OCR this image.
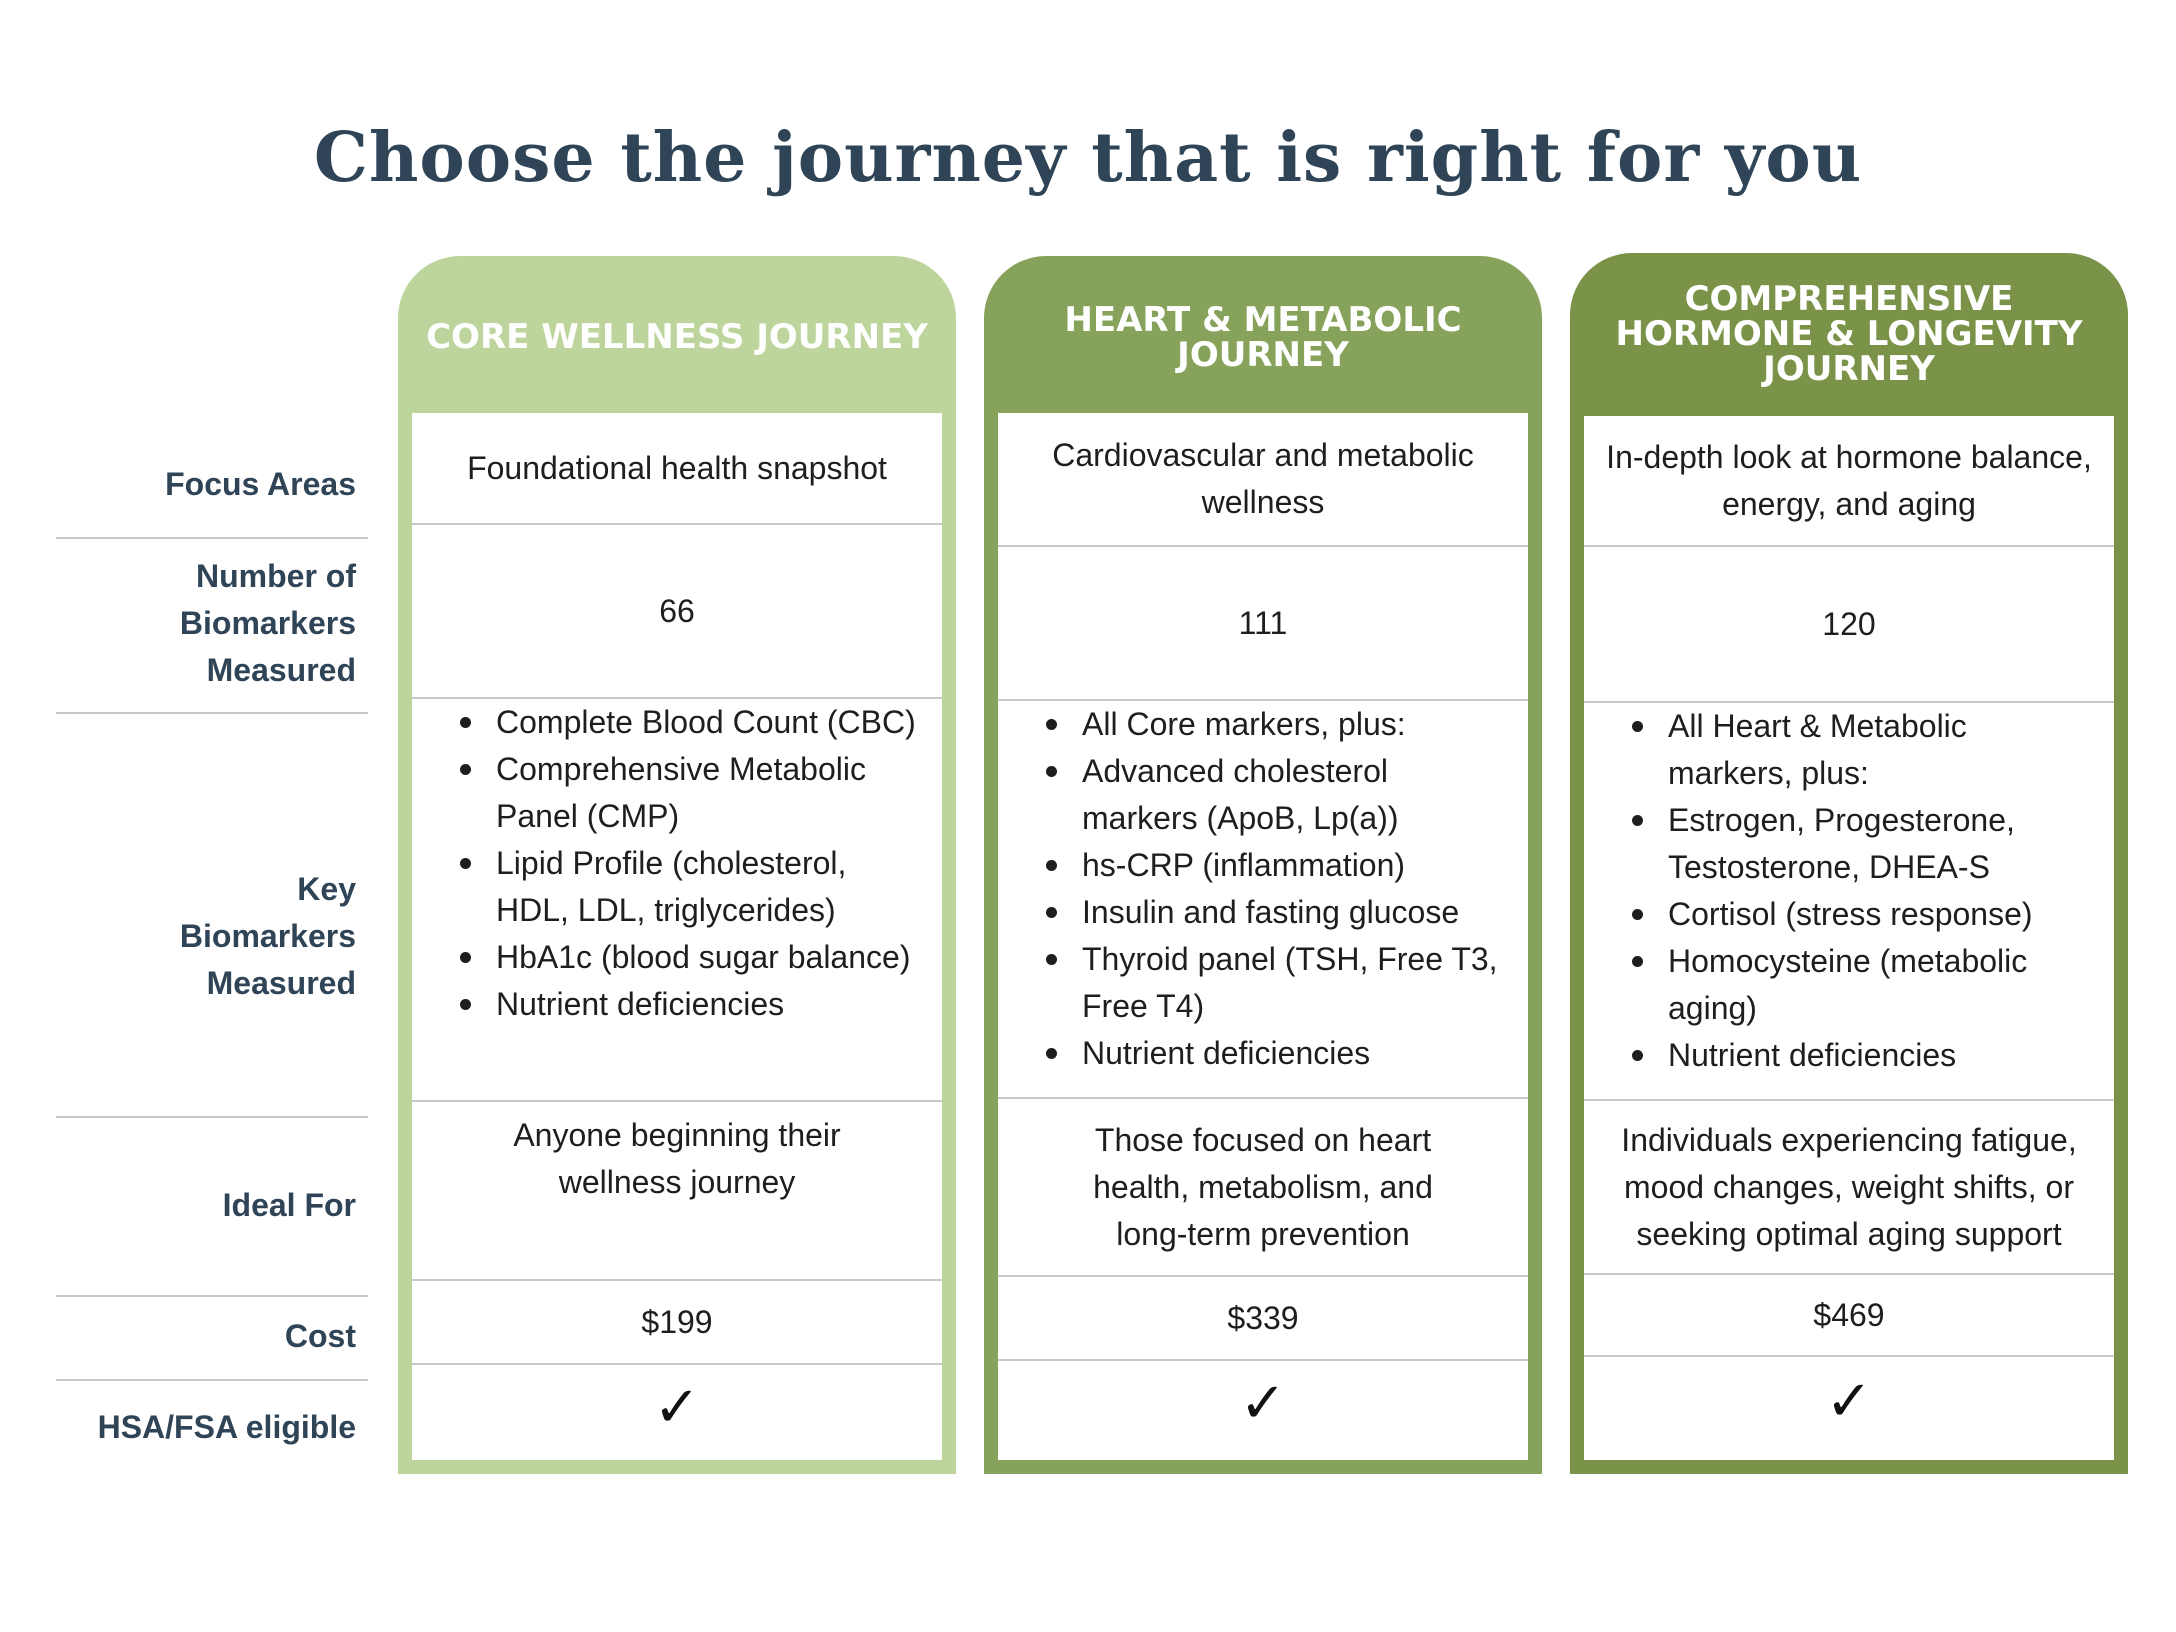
Choose the journey that is right for you
Focus Areas
Number of Biomarkers Measured
Key Biomarkers Measured
Ideal For
Cost
HSA/FSA eligible
CORE WELLNESS JOURNEY
Foundational health snapshot
66
Complete Blood Count (CBC)
Comprehensive Metabolic Panel (CMP)
Lipid Profile (cholesterol, HDL, LDL, triglycerides)
HbA1c (blood sugar balance)
Nutrient deficiencies
Anyone beginning their wellness journey
$199
✓
HEART & METABOLIC JOURNEY
Cardiovascular and metabolic wellness
111
All Core markers, plus:
Advanced cholesterol markers (ApoB, Lp(a))
hs-CRP (inflammation)
Insulin and fasting glucose
Thyroid panel (TSH, Free T3, Free T4)
Nutrient deficiencies
Those focused on heart health, metabolism, and long-term prevention
$339
✓
COMPREHENSIVE HORMONE & LONGEVITY JOURNEY
In-depth look at hormone balance, energy, and aging
120
All Heart & Metabolic markers, plus:
Estrogen, Progesterone, Testosterone, DHEA-S
Cortisol (stress response)
Homocysteine (metabolic aging)
Nutrient deficiencies
Individuals experiencing fatigue, mood changes, weight shifts, or seeking optimal aging support
$469
✓
